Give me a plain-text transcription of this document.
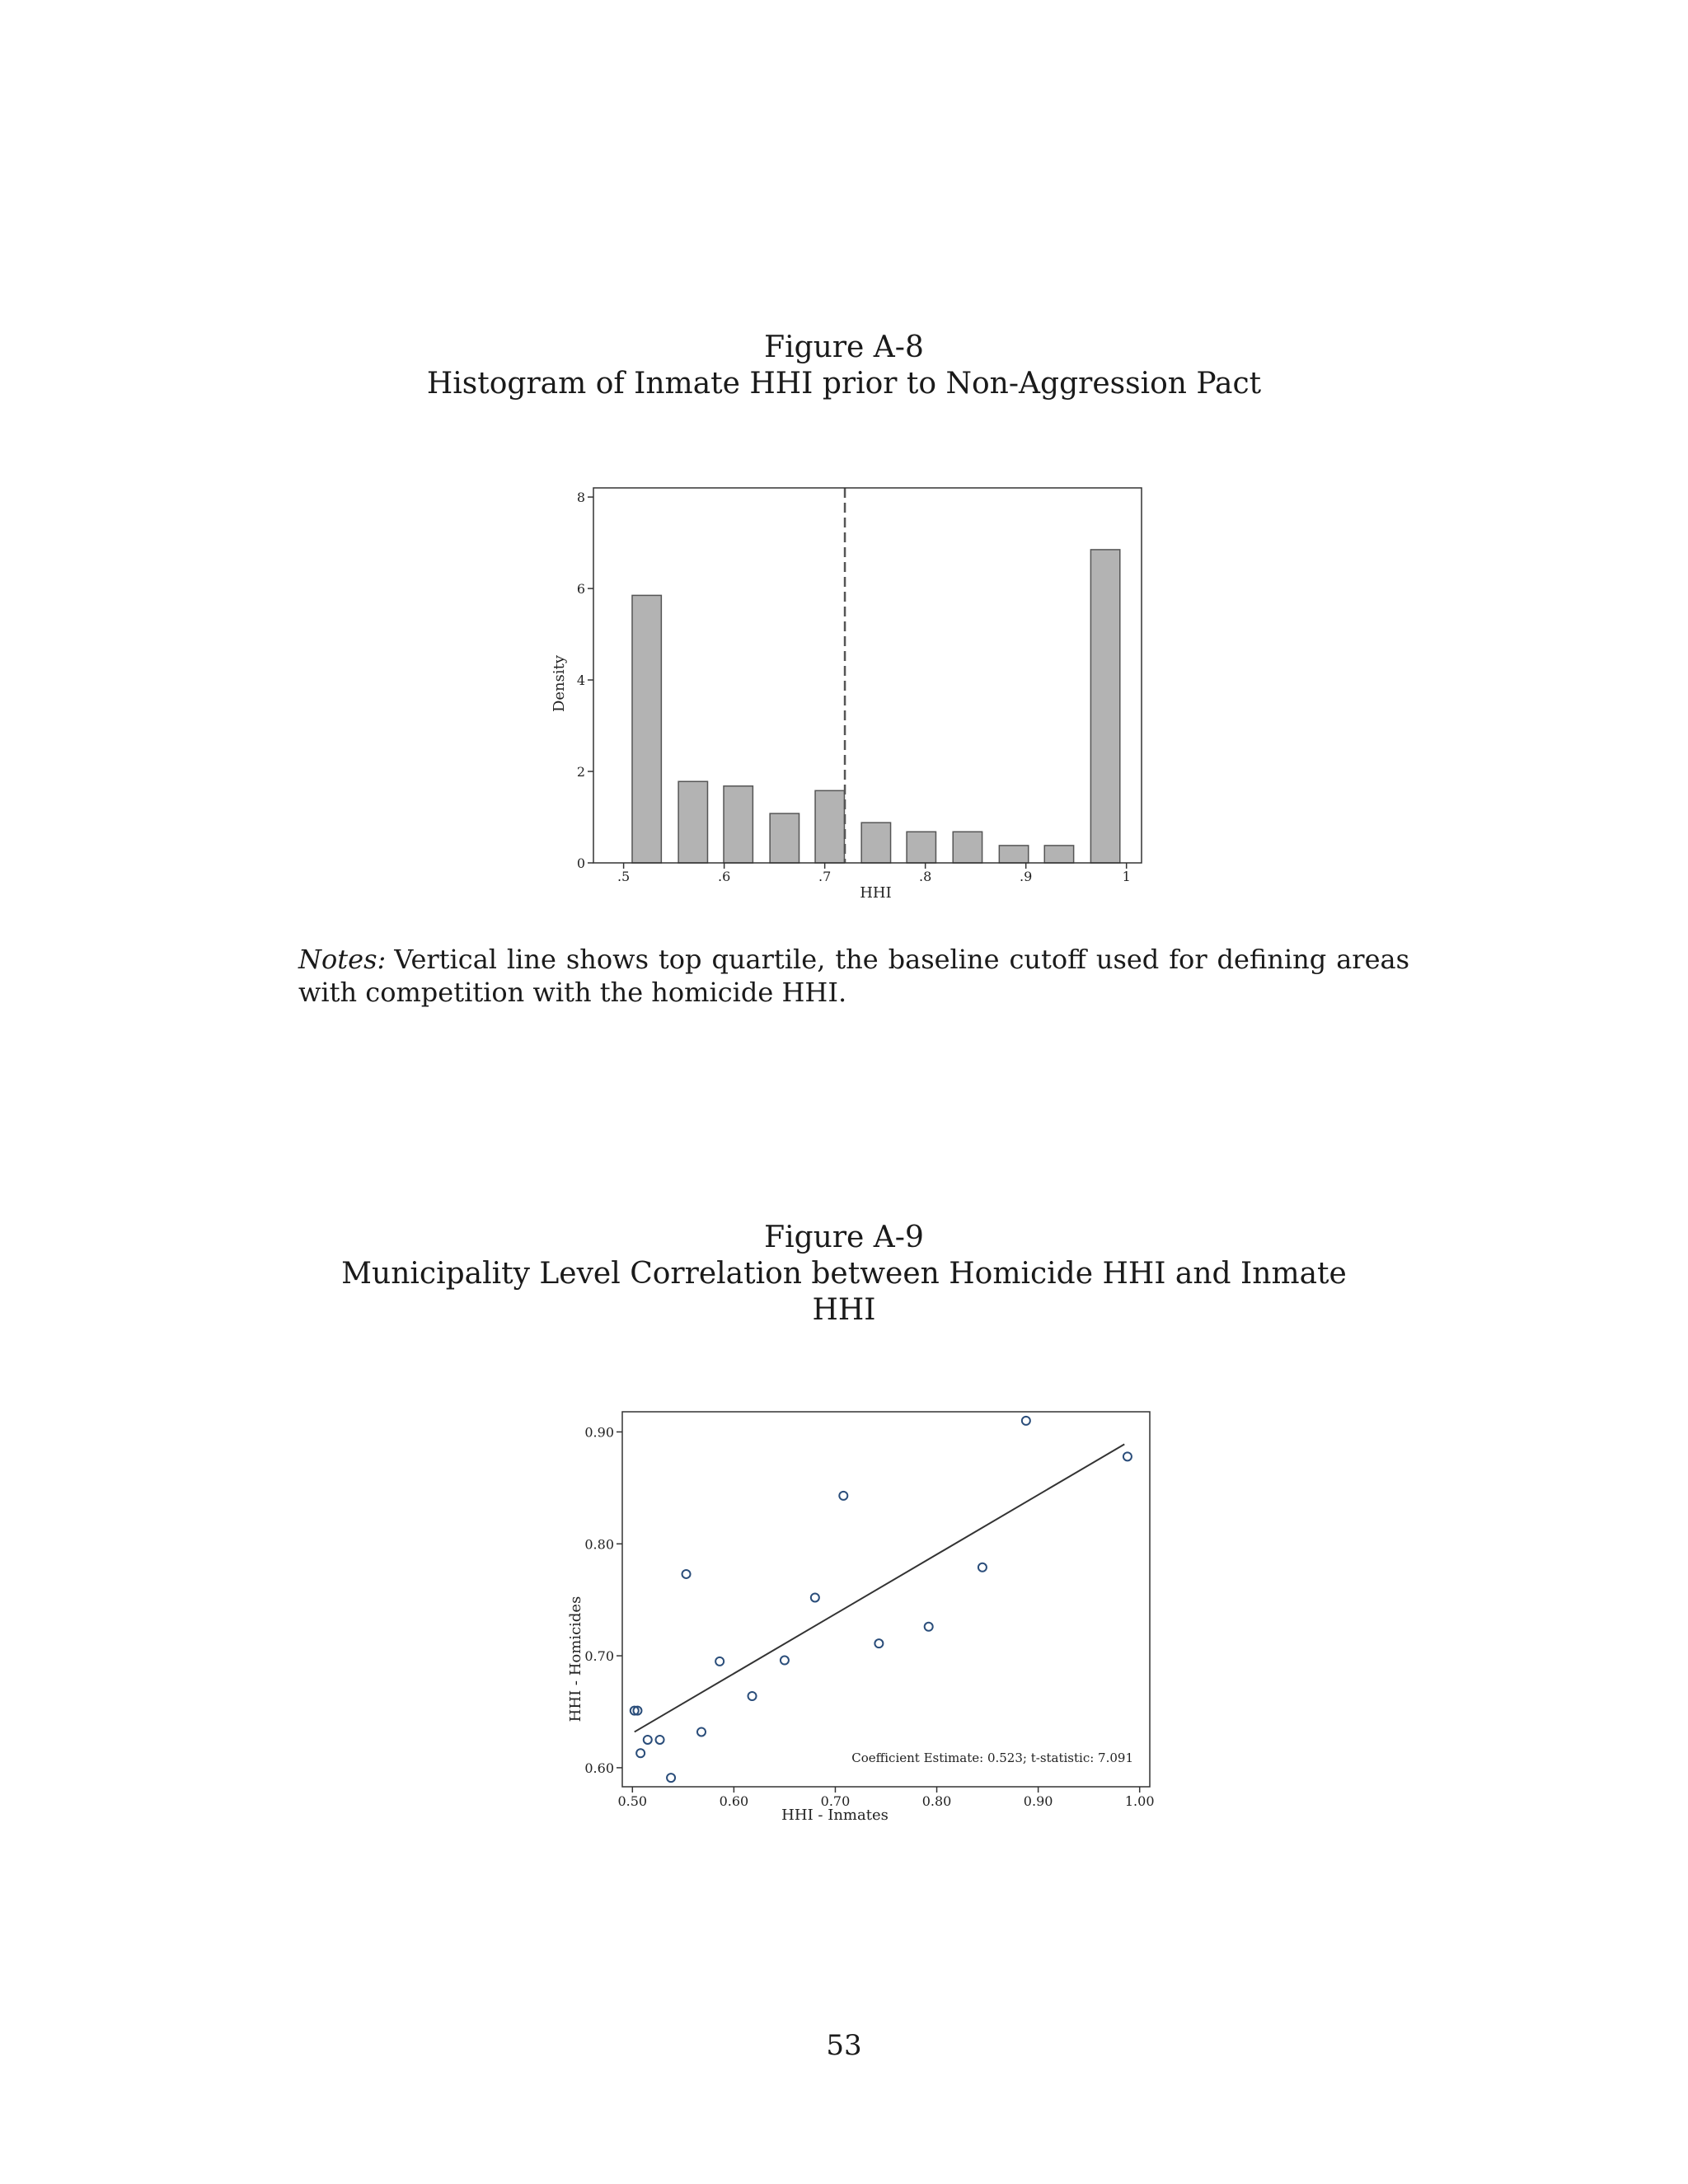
Figure A-8
Histogram of Inmate HHI prior to Non-Aggression Pact
0
2
4
6
8
.5	.6	.7	.8	.9	1
HHI
Density
Notes: Vertical line shows top quartile, the baseline cutoff used for defining areas with competition with the homicide HHI.
Figure A-9
Municipality Level Correlation between Homicide HHI and Inmate
HHI
0.60
0.70
0.80
0.90
0.50	0.60	0.70	0.80	0.90	1.00
HHI - Inmates
HHI - Homicides
Coefficient Estimate: 0.523; t-statistic: 7.091
53
